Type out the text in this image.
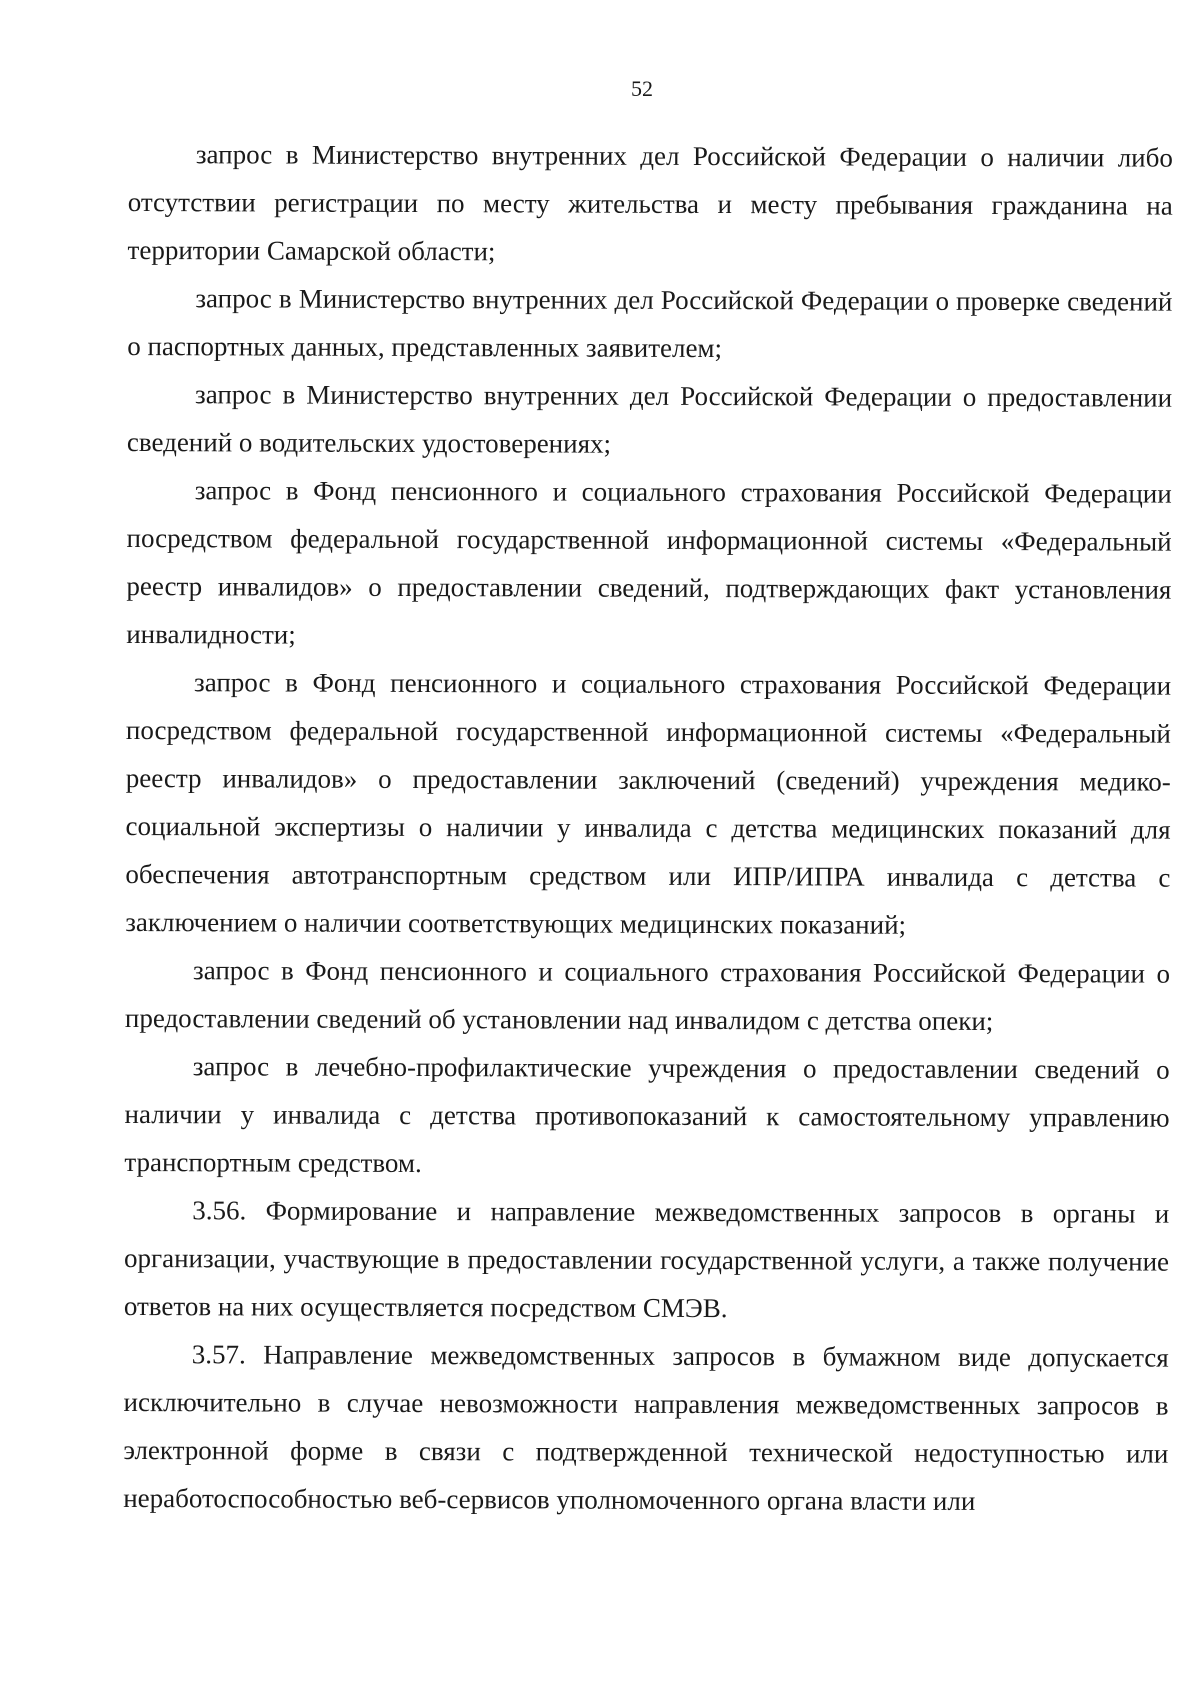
52

запрос в Министерство внутренних дел Российской Федерации о наличии либо отсутствии регистрации по месту жительства и месту пребывания гражданина на территории Самарской области;

запрос в Министерство внутренних дел Российской Федерации о проверке сведений о паспортных данных, представленных заявителем;

запрос в Министерство внутренних дел Российской Федерации о предоставлении сведений о водительских удостоверениях;

запрос в Фонд пенсионного и социального страхования Российской Федерации посредством федеральной государственной информационной системы «Федеральный реестр инвалидов» о предоставлении сведений, подтверждающих факт установления инвалидности;

запрос в Фонд пенсионного и социального страхования Российской Федерации посредством федеральной государственной информационной системы «Федеральный реестр инвалидов» о предоставлении заключений (сведений) учреждения медико-социальной экспертизы о наличии у инвалида с детства медицинских показаний для обеспечения автотранспортным средством или ИПР/ИПРА инвалида с детства с заключением о наличии соответствующих медицинских показаний;

запрос в Фонд пенсионного и социального страхования Российской Федерации о предоставлении сведений об установлении над инвалидом с детства опеки;

запрос в лечебно-профилактические учреждения о предоставлении сведений о наличии у инвалида с детства противопоказаний к самостоятельному управлению транспортным средством.

3.56. Формирование и направление межведомственных запросов в органы и организации, участвующие в предоставлении государственной услуги, а также получение ответов на них осуществляется посредством СМЭВ.

3.57. Направление межведомственных запросов в бумажном виде допускается исключительно в случае невозможности направления межведомственных запросов в электронной форме в связи с подтвержденной технической недоступностью или неработоспособностью веб-сервисов уполномоченного органа власти или
